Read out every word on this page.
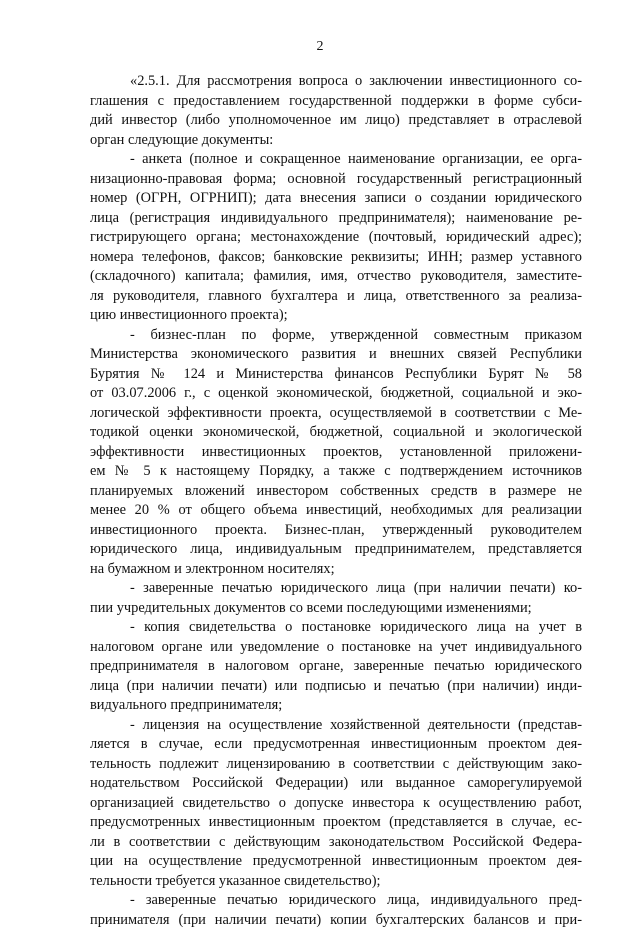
2
«2.5.1. Для рассмотрения вопроса о заключении инвестиционного со-
глашения с предоставлением государственной поддержки в форме субси-
дий инвестор (либо уполномоченное им лицо) представляет в отраслевой
орган следующие документы:
- анкета (полное и сокращенное наименование организации, ее орга-
низационно-правовая форма; основной государственный регистрационный
номер (ОГРН, ОГРНИП); дата внесения записи о создании юридического
лица (регистрация индивидуального предпринимателя); наименование ре-
гистрирующего органа; местонахождение (почтовый, юридический адрес);
номера телефонов, факсов; банковские реквизиты; ИНН; размер уставного
(складочного) капитала; фамилия, имя, отчество руководителя, заместите-
ля руководителя, главного бухгалтера и лица, ответственного за реализа-
цию инвестиционного проекта);
- бизнес-план по форме, утвержденной совместным приказом
Министерства экономического развития и внешних связей Республики
Бурятия № 124 и Министерства финансов Республики Бурят № 58
от 03.07.2006 г., с оценкой экономической, бюджетной, социальной и эко-
логической эффективности проекта, осуществляемой в соответствии с Ме-
тодикой оценки экономической, бюджетной, социальной и экологической
эффективности инвестиционных проектов, установленной приложени-
ем № 5 к настоящему Порядку, а также с подтверждением источников
планируемых вложений инвестором собственных средств в размере не
менее 20 % от общего объема инвестиций, необходимых для реализации
инвестиционного проекта. Бизнес-план, утвержденный руководителем
юридического лица, индивидуальным предпринимателем, представляется
на бумажном и электронном носителях;
- заверенные печатью юридического лица (при наличии печати) ко-
пии учредительных документов со всеми последующими изменениями;
- копия свидетельства о постановке юридического лица на учет в
налоговом органе или уведомление о постановке на учет индивидуального
предпринимателя в налоговом органе, заверенные печатью юридического
лица (при наличии печати) или подписью и печатью (при наличии) инди-
видуального предпринимателя;
- лицензия на осуществление хозяйственной деятельности (представ-
ляется в случае, если предусмотренная инвестиционным проектом дея-
тельность подлежит лицензированию в соответствии с действующим зако-
нодательством Российской Федерации) или выданное саморегулируемой
организацией свидетельство о допуске инвестора к осуществлению работ,
предусмотренных инвестиционным проектом (представляется в случае, ес-
ли в соответствии с действующим законодательством Российской Федера-
ции на осуществление предусмотренной инвестиционным проектом дея-
тельности требуется указанное свидетельство);
- заверенные печатью юридического лица, индивидуального пред-
принимателя (при наличии печати) копии бухгалтерских балансов и при-
